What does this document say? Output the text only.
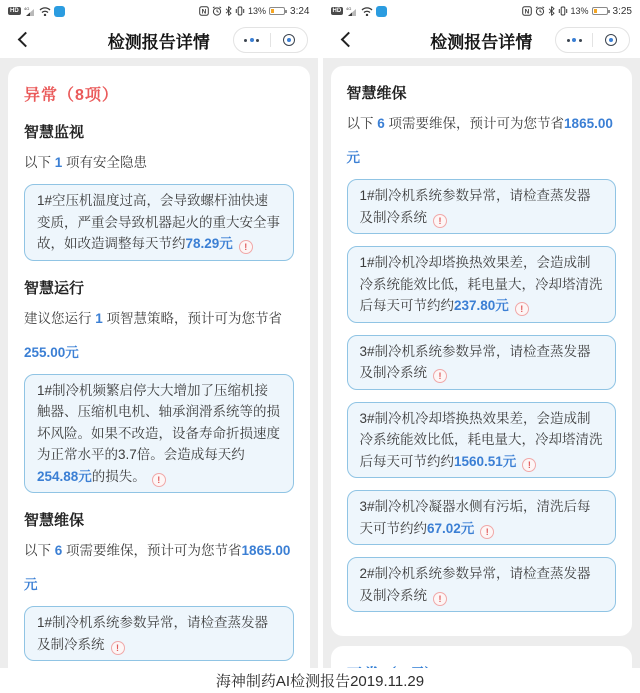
HD	4G	N	13% 3:24
检测报告详情
异常（8项）
智慧监视

以下 1 项有安全隐患

1#空压机温度过高，会导致螺杆油快速变质，严重会导致机器起火的重大安全事故，如改造调整每天节约78.29元!
智慧运行

建议您运行 1 项智慧策略，预计可为您节省255.00元

1#制冷机频繁启停大大增加了压缩机接触器、压缩机电机、轴承润滑系统等的损坏风险。如果不改造，设备寿命折损速度为正常水平的3.7倍。会造成每天约254.88元的损失。!
智慧维保

以下 6 项需要维保，预计可为您节省1865.00元

1#制冷机系统参数异常，请检查蒸发器及制冷系统!
HD	4G	N	13% 3:25
检测报告详情
智慧维保

以下 6 项需要维保，预计可为您节省1865.00元

1#制冷机系统参数异常，请检查蒸发器及制冷系统!
1#制冷机冷却塔换热效果差，会造成制冷系统能效比低，耗电量大，冷却塔清洗后每天可节约约237.80元!
3#制冷机系统参数异常，请检查蒸发器及制冷系统!
3#制冷机冷却塔换热效果差，会造成制冷系统能效比低，耗电量大，冷却塔清洗后每天可节约约1560.51元!
3#制冷机冷凝器水侧有污垢，清洗后每天可节约约67.02元!
2#制冷机系统参数异常，请检查蒸发器及制冷系统!
海神制药AI检测报告2019.11.29
